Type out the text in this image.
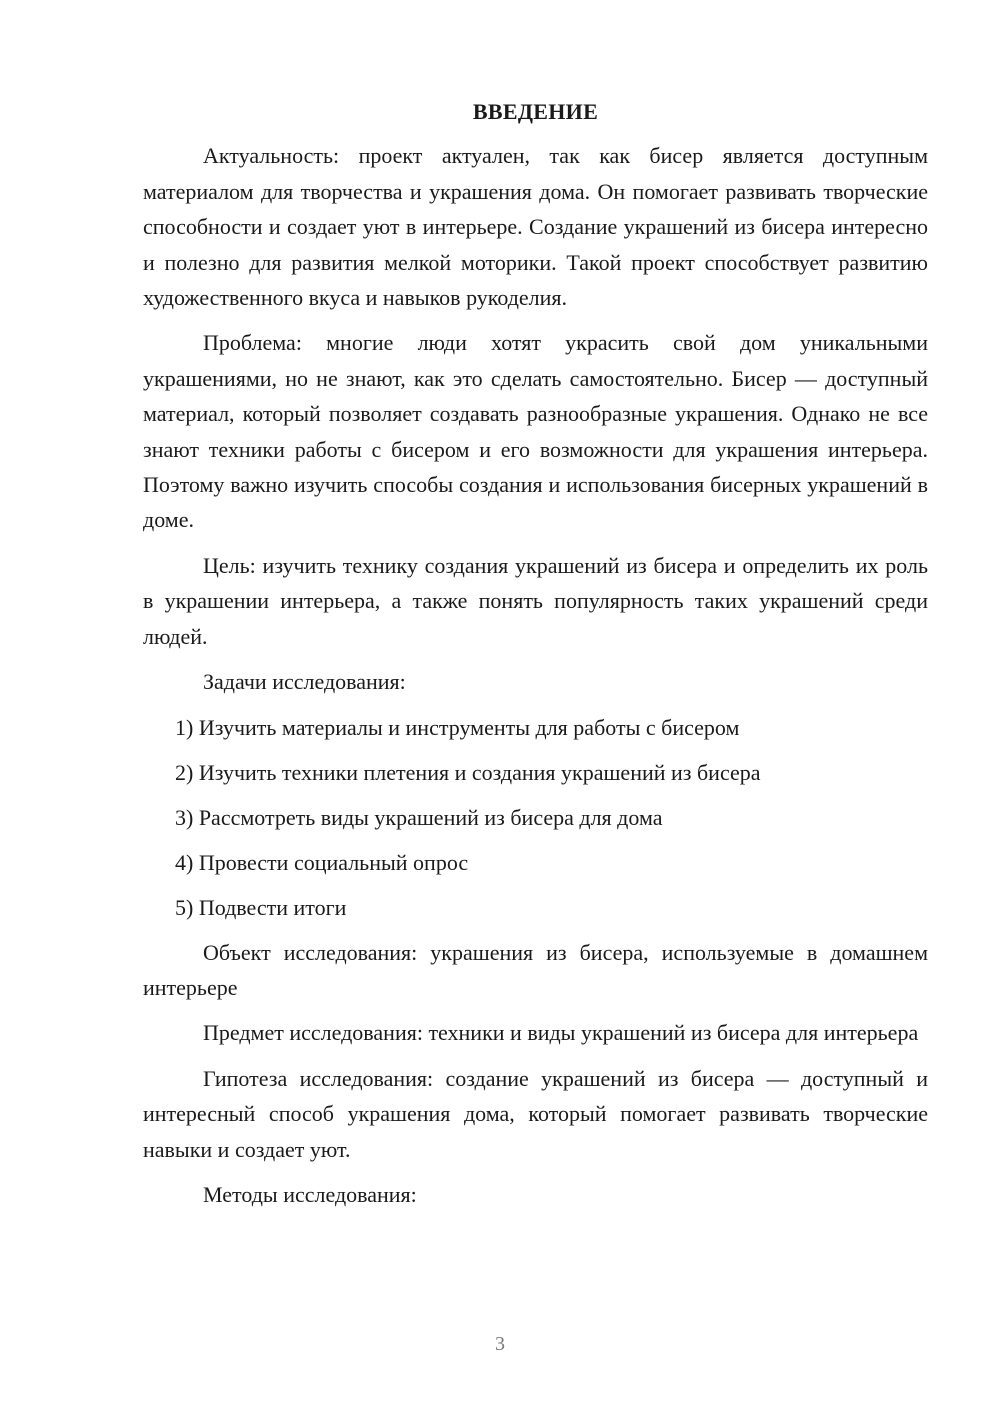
ВВЕДЕНИЕ

Актуальность: проект актуален, так как бисер является доступным материалом для творчества и украшения дома. Он помогает развивать творческие способности и создает уют в интерьере. Создание украшений из бисера интересно и полезно для развития мелкой моторики. Такой проект способствует развитию художественного вкуса и навыков рукоделия.

Проблема: многие люди хотят украсить свой дом уникальными украшениями, но не знают, как это сделать самостоятельно. Бисер — доступный материал, который позволяет создавать разнообразные украшения. Однако не все знают техники работы с бисером и его возможности для украшения интерьера. Поэтому важно изучить способы создания и использования бисерных украшений в доме.

Цель: изучить технику создания украшений из бисера и определить их роль в украшении интерьера, а также понять популярность таких украшений среди людей.

Задачи исследования:

1) Изучить материалы и инструменты для работы с бисером
2) Изучить техники плетения и создания украшений из бисера
3) Рассмотреть виды украшений из бисера для дома
4) Провести социальный опрос
5) Подвести итоги

Объект исследования: украшения из бисера, используемые в домашнем интерьере

Предмет исследования: техники и виды украшений из бисера для интерьера

Гипотеза исследования: создание украшений из бисера — доступный и интересный способ украшения дома, который помогает развивать творческие навыки и создает уют.

Методы исследования:

3
